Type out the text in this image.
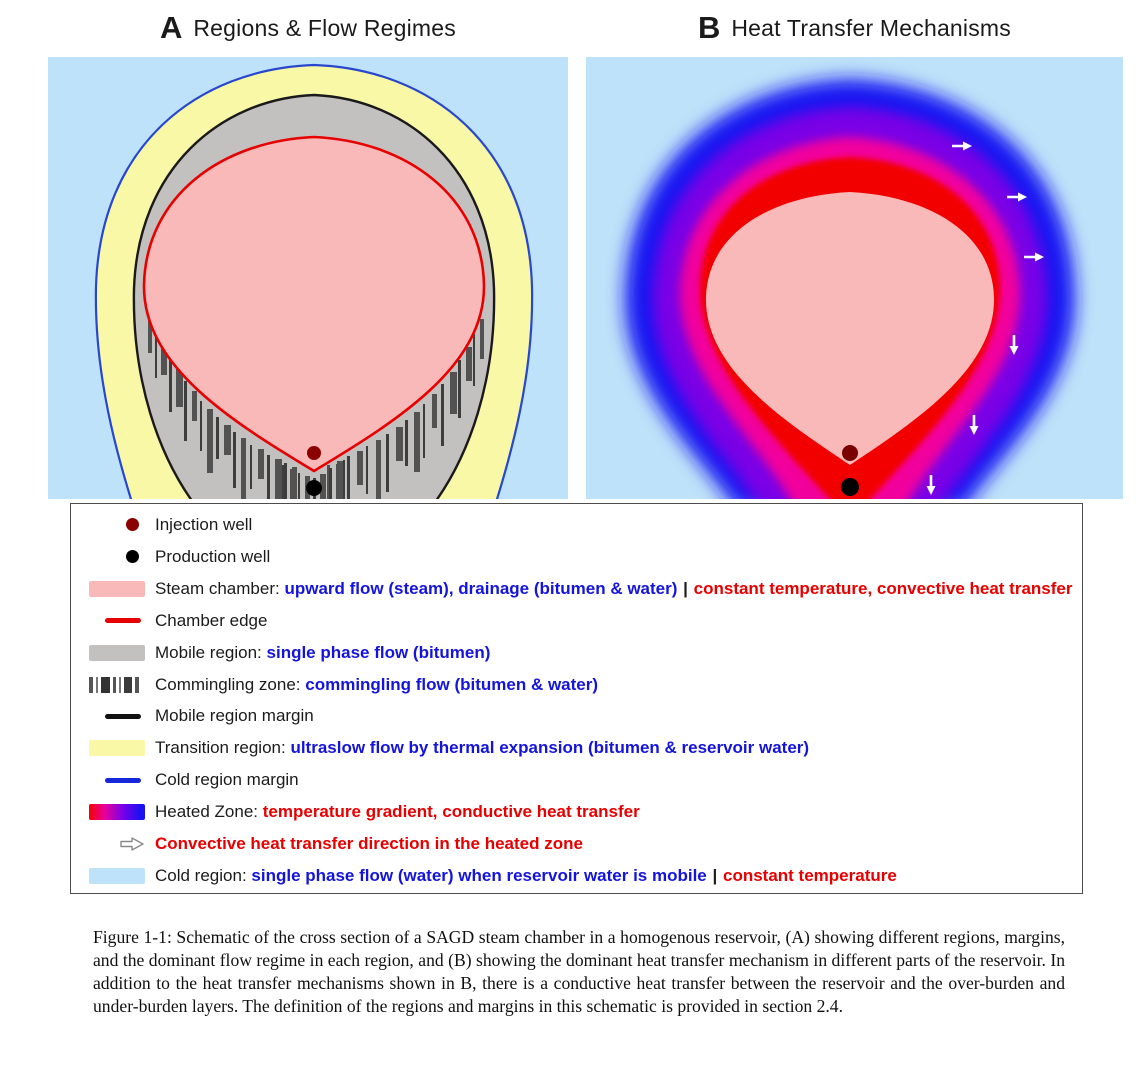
A Regions & Flow Regimes	B Heat Transfer Mechanisms
Injection well
Production well
Steam chamber: upward flow (steam), drainage (bitumen & water) | constant temperature, convective heat transfer
Chamber edge
Mobile region: single phase flow (bitumen)
Commingling zone: commingling flow (bitumen & water)
Mobile region margin
Transition region: ultraslow flow by thermal expansion (bitumen & reservoir water)
Cold region margin
Heated Zone: temperature gradient, conductive heat transfer
Convective heat transfer direction in the heated zone
Cold region: single phase flow (water) when reservoir water is mobile | constant temperature

Figure 1-1: Schematic of the cross section of a SAGD steam chamber in a homogenous reservoir, (A) showing different regions, margins, and the dominant flow regime in each region, and (B) showing the dominant heat transfer mechanism in different parts of the reservoir. In addition to the heat transfer mechanisms shown in B, there is a conductive heat transfer between the reservoir and the over-burden and under-burden layers. The definition of the regions and margins in this schematic is provided in section 2.4.
